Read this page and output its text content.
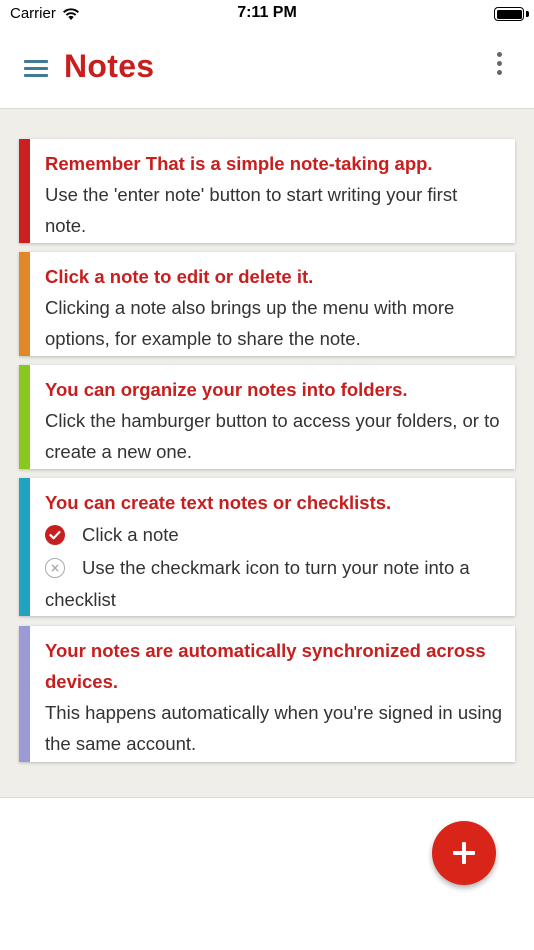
Carrier	7:11 PM
Notes
Remember That is a simple note-taking app.
Use the 'enter note' button to start writing your first note.
Click a note to edit or delete it.
Clicking a note also brings up the menu with more options, for example to share the note.
You can organize your notes into folders.
Click the hamburger button to access your folders, or to create a new one.
You can create text notes or checklists.
Click a note
Use the checkmark icon to turn your note into a
checklist
Your notes are automatically synchronized across devices.
This happens automatically when you're signed in using the same account.
